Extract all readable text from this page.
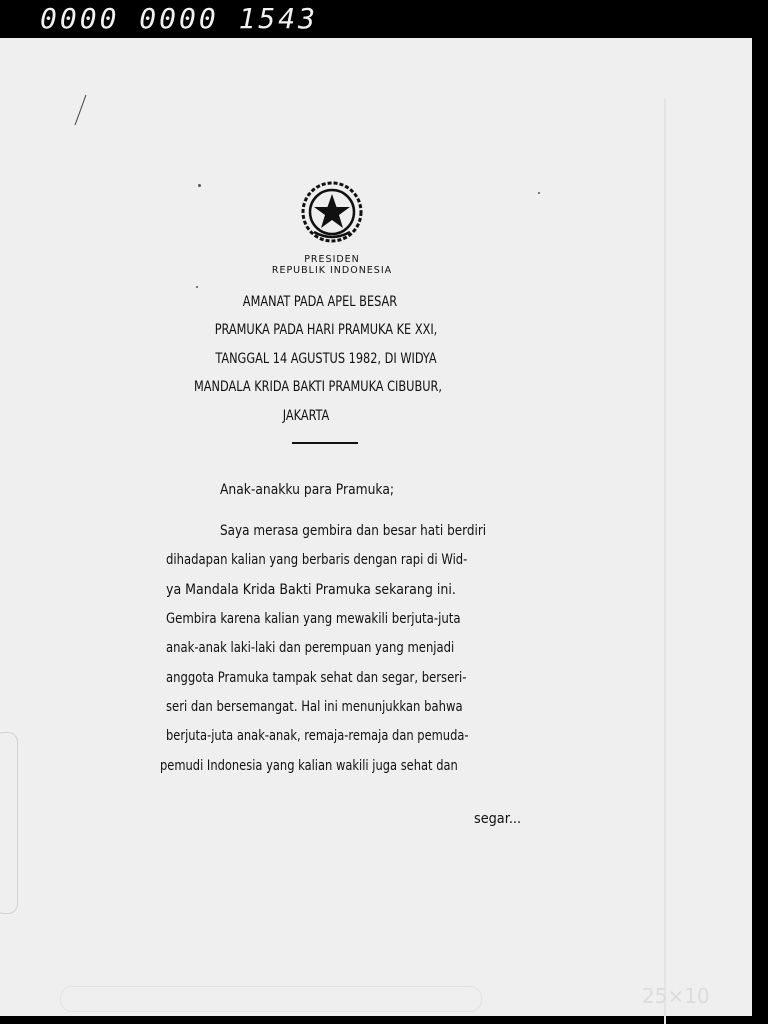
0000 0000 1543
25×10
PRESIDEN
REPUBLIK INDONESIA
AMANAT PADA APEL BESAR
PRAMUKA PADA HARI PRAMUKA KE XXI,
TANGGAL 14 AGUSTUS 1982, DI WIDYA
MANDALA KRIDA BAKTI PRAMUKA CIBUBUR,
JAKARTA
Anak-anakku para Pramuka;
Saya merasa gembira dan besar hati berdiri
dihadapan kalian yang berbaris dengan rapi di Wid-
ya Mandala Krida Bakti Pramuka sekarang ini.
Gembira karena kalian yang mewakili berjuta-juta
anak-anak laki-laki dan perempuan yang menjadi
anggota Pramuka tampak sehat dan segar, berseri-
seri dan bersemangat. Hal ini menunjukkan bahwa
berjuta-juta anak-anak, remaja-remaja dan pemuda-
pemudi Indonesia yang kalian wakili juga sehat dan
segar...
